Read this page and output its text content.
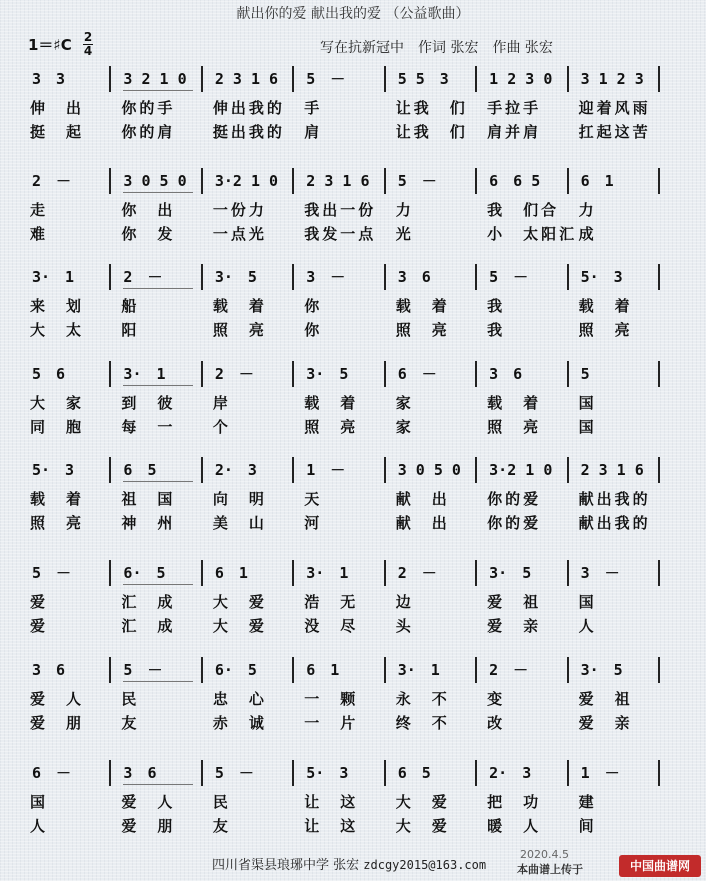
献出你的爱 献出我的爱 （公益歌曲）
1＝♯C 2
4	写在抗新冠中　作词 张宏　作曲 张宏
3　3
伸　出
挺　起
3 2 1 0
你的手
你的肩
2 3 1 6
伸出我的
挺出我的
5　－
手
肩
5 5　3
让我　们
让我　们
1 2 3 0
手拉手
肩并肩
3 1 2 3
迎着风雨
扛起这苦
2　－
走
难
3 0 5 0
你　出
你　发
3·2 1 0
一份力
一点光
2 3 1 6
我出一份
我发一点
5　－
力
光
6　6 5
我　们合
小　太阳汇
6　1
力
成
3·　1
来　划
大　太
2　－
船
阳
3·　5
载　着
照　亮
3　－
你
你
3　6
载　着
照　亮
5　－
我
我
5·　3
载　着
照　亮
5　6
大　家
同　胞
3·　1
到　彼
每　一
2　－
岸
个
3·　5
载　着
照　亮
6　－
家
家
3　6
载　着
照　亮
5
国
国
5·　3
载　着
照　亮
6　5
祖　国
神　州
2·　3
向　明
美　山
1　－
天
河
3 0 5 0
献　出
献　出
3·2 1 0
你的爱
你的爱
2 3 1 6
献出我的
献出我的
5　－
爱
爱
6·　5
汇　成
汇　成
6　1
大　爱
大　爱
3·　1
浩　无
没　尽
2　－
边
头
3·　5
爱　祖
爱　亲
3　－
国
人
3　6
爱　人
爱　朋
5　－
民
友
6·　5
忠　心
赤　诚
6　1
一　颗
一　片
3·　1
永　不
终　不
2　－
变
改
3·　5
爱　祖
爱　亲
6　－
国
人
3　6
爱　人
爱　朋
5　－
民
友
5·　3
让　这
让　这
6　5
大　爱
大　爱
2·　3
把　功
暖　人
1　－
建
间
四川省渠县琅琊中学 张宏 zdcgy2015@163.com
2020.4.5
本曲谱上传于	中国曲谱网
